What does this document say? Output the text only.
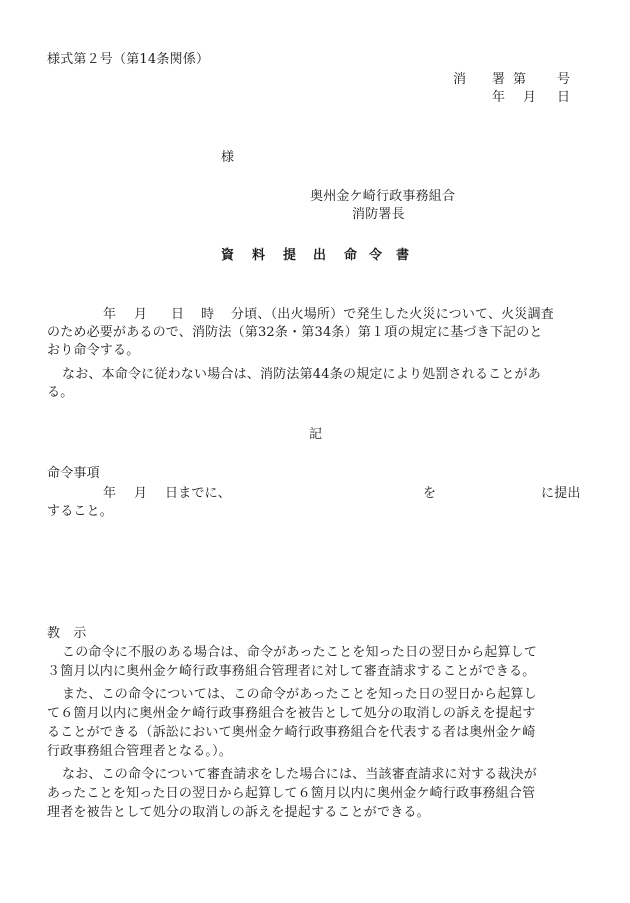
様式第２号（第14条関係）
消 署第 号
年 月 日
様
奥州金ケ崎行政事務組合
消防署長
資 料 提 出 命 令 書
年 月 日 時 分頃、（出火場所）で発生した火災について、火災調査
のため必要があるので、消防法（第32条・第34条）第１項の規定に基づき下記のと
おり命令する。
なお、本命令に従わない場合は、消防法第44条の規定により処罰されることがあ
る。
記
命令事項
年 月 日までに、	を	に提出
すること。
教　示
この命令に不服のある場合は、命令があったことを知った日の翌日から起算して
３箇月以内に奥州金ケ崎行政事務組合管理者に対して審査請求することができる。
また、この命令については、この命令があったことを知った日の翌日から起算し
て６箇月以内に奥州金ケ崎行政事務組合を被告として処分の取消しの訴えを提起す
ることができる（訴訟において奥州金ケ崎行政事務組合を代表する者は奥州金ケ崎
行政事務組合管理者となる。）。
なお、この命令について審査請求をした場合には、当該審査請求に対する裁決が
あったことを知った日の翌日から起算して６箇月以内に奥州金ケ崎行政事務組合管
理者を被告として処分の取消しの訴えを提起することができる。
